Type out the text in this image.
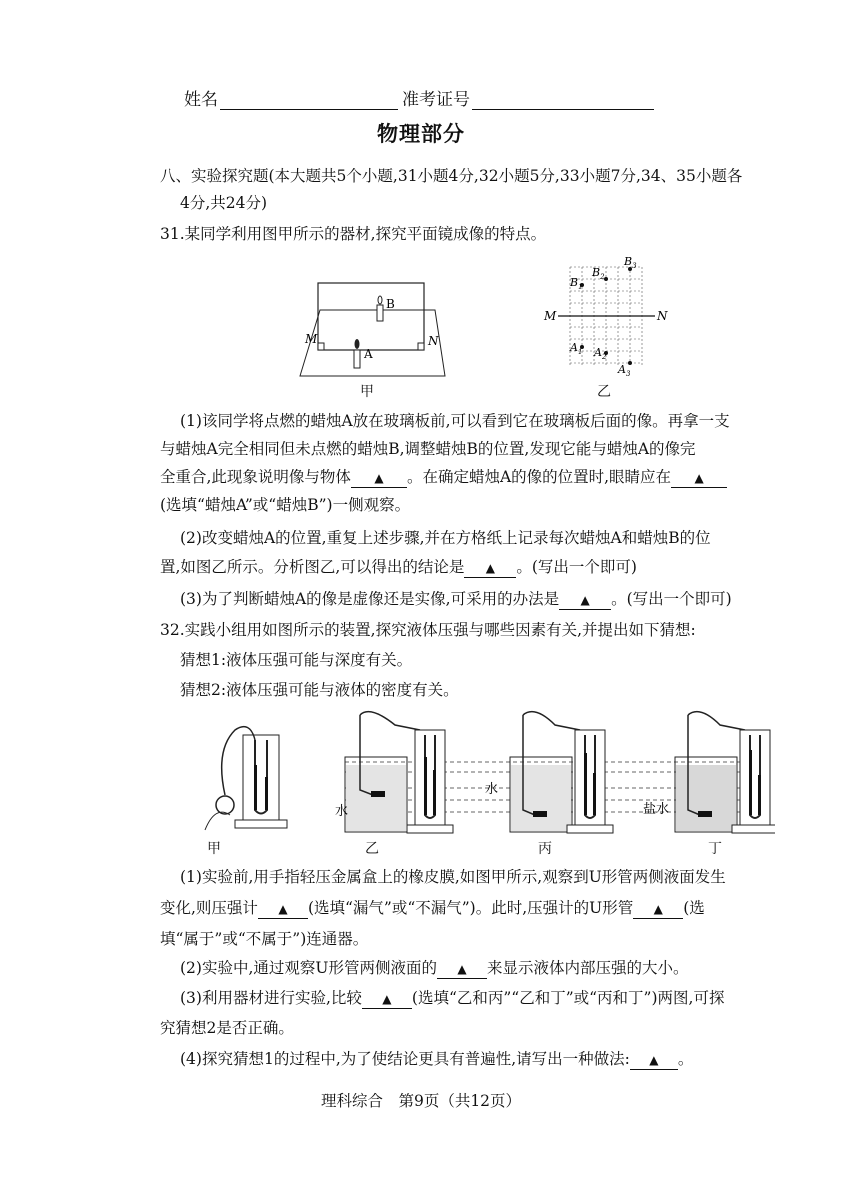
姓名	准考证号
物理部分
八、实验探究题(本大题共5个小题,31小题4分,32小题5分,33小题7分,34、35小题各
4分,共24分)
31.某同学利用图甲所示的器材,探究平面镜成像的特点。
M	N
A
B
甲
M	N
$B_1$
$B_2$
$B_3$
$A_1$ $A_2$
$A_3$
乙
(1)该同学将点燃的蜡烛A放在玻璃板前,可以看到它在玻璃板后面的像。再拿一支
与蜡烛A完全相同但未点燃的蜡烛B,调整蜡烛B的位置,发现它能与蜡烛A的像完
全重合,此现象说明像与物体 ▲ 。在确定蜡烛A的像的位置时,眼睛应在 ▲
(选填“蜡烛A”或“蜡烛B”)一侧观察。
(2)改变蜡烛A的位置,重复上述步骤,并在方格纸上记录每次蜡烛A和蜡烛B的位
置,如图乙所示。分析图乙,可以得出的结论是 ▲ 。(写出一个即可)
(3)为了判断蜡烛A的像是虚像还是实像,可采用的办法是 ▲ 。(写出一个即可)
32.实践小组用如图所示的装置,探究液体压强与哪些因素有关,并提出如下猜想:
猜想1:液体压强可能与深度有关。
猜想2:液体压强可能与液体的密度有关。
水
水
盐水
甲	乙	丙	丁
(1)实验前,用手指轻压金属盒上的橡皮膜,如图甲所示,观察到U形管两侧液面发生
变化,则压强计 ▲ (选填“漏气”或“不漏气”)。此时,压强计的U形管 ▲ (选
填“属于”或“不属于”)连通器。
(2)实验中,通过观察U形管两侧液面的 ▲ 来显示液体内部压强的大小。
(3)利用器材进行实验,比较 ▲ (选填“乙和丙”“乙和丁”或“丙和丁”)两图,可探
究猜想2是否正确。
(4)探究猜想1的过程中,为了使结论更具有普遍性,请写出一种做法: ▲ 。
理科综合　第9页（共12页）
